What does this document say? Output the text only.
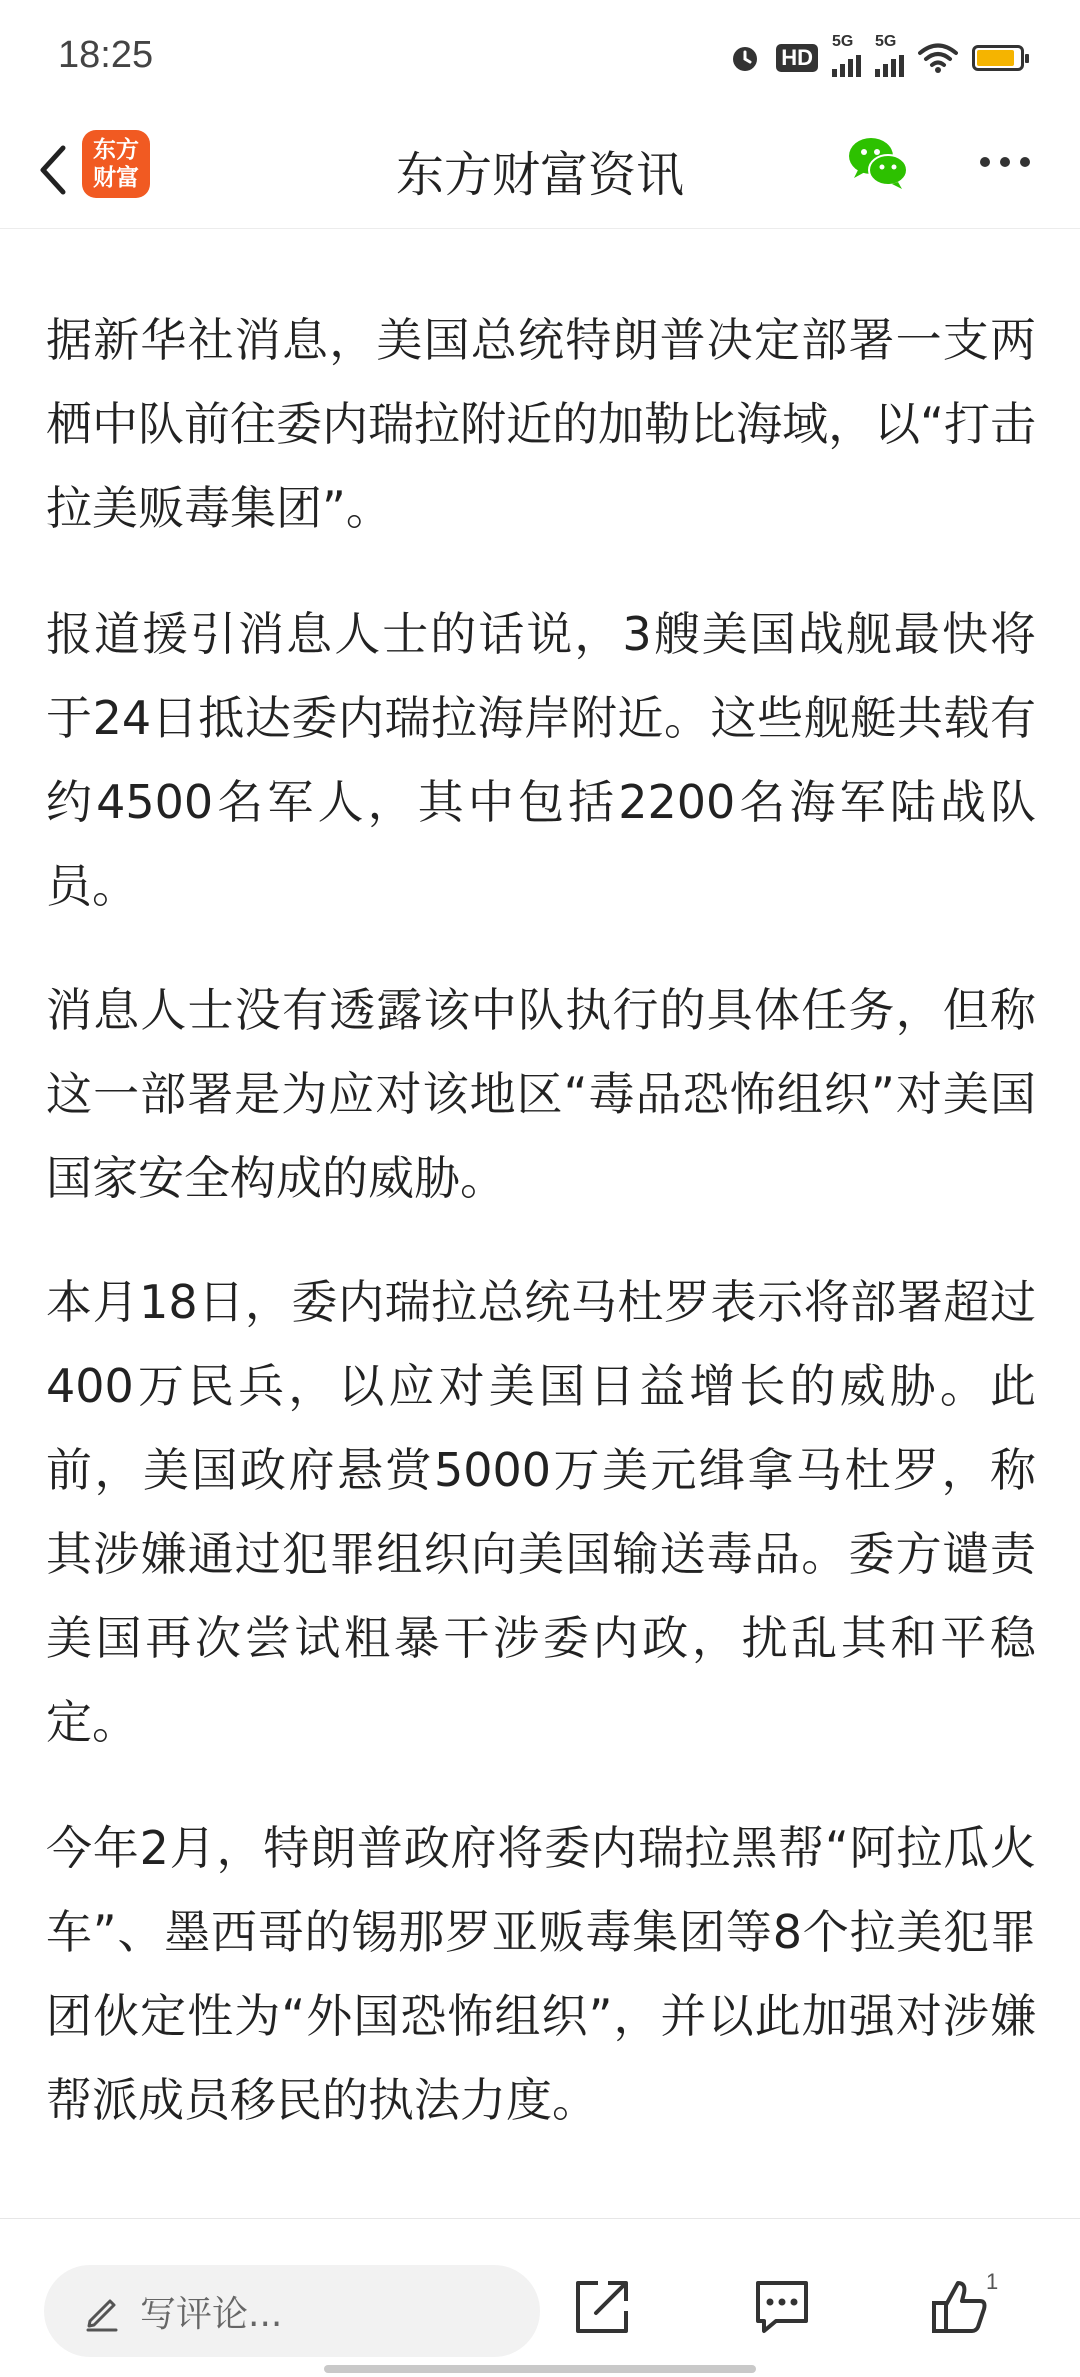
18:25	HD
5G 5G
东方财富	东方财富资讯

据新华社消息，美国总统特朗普决定部署一支两栖中队前往委内瑞拉附近的加勒比海域，以“打击拉美贩毒集团”。

报道援引消息人士的话说，3艘美国战舰最快将于24日抵达委内瑞拉海岸附近。这些舰艇共载有约4500名军人，其中包括2200名海军陆战队员。

消息人士没有透露该中队执行的具体任务，但称这一部署是为应对该地区“毒品恐怖组织”对美国国家安全构成的威胁。

本月18日，委内瑞拉总统马杜罗表示将部署超过400万民兵，以应对美国日益增长的威胁。此前，美国政府悬赏5000万美元缉拿马杜罗，称其涉嫌通过犯罪组织向美国输送毒品。委方谴责美国再次尝试粗暴干涉委内政，扰乱其和平稳定。

今年2月，特朗普政府将委内瑞拉黑帮“阿拉瓜火车”、墨西哥的锡那罗亚贩毒集团等8个拉美犯罪团伙定性为“外国恐怖组织”，并以此加强对涉嫌帮派成员移民的执法力度。

写评论...
1
